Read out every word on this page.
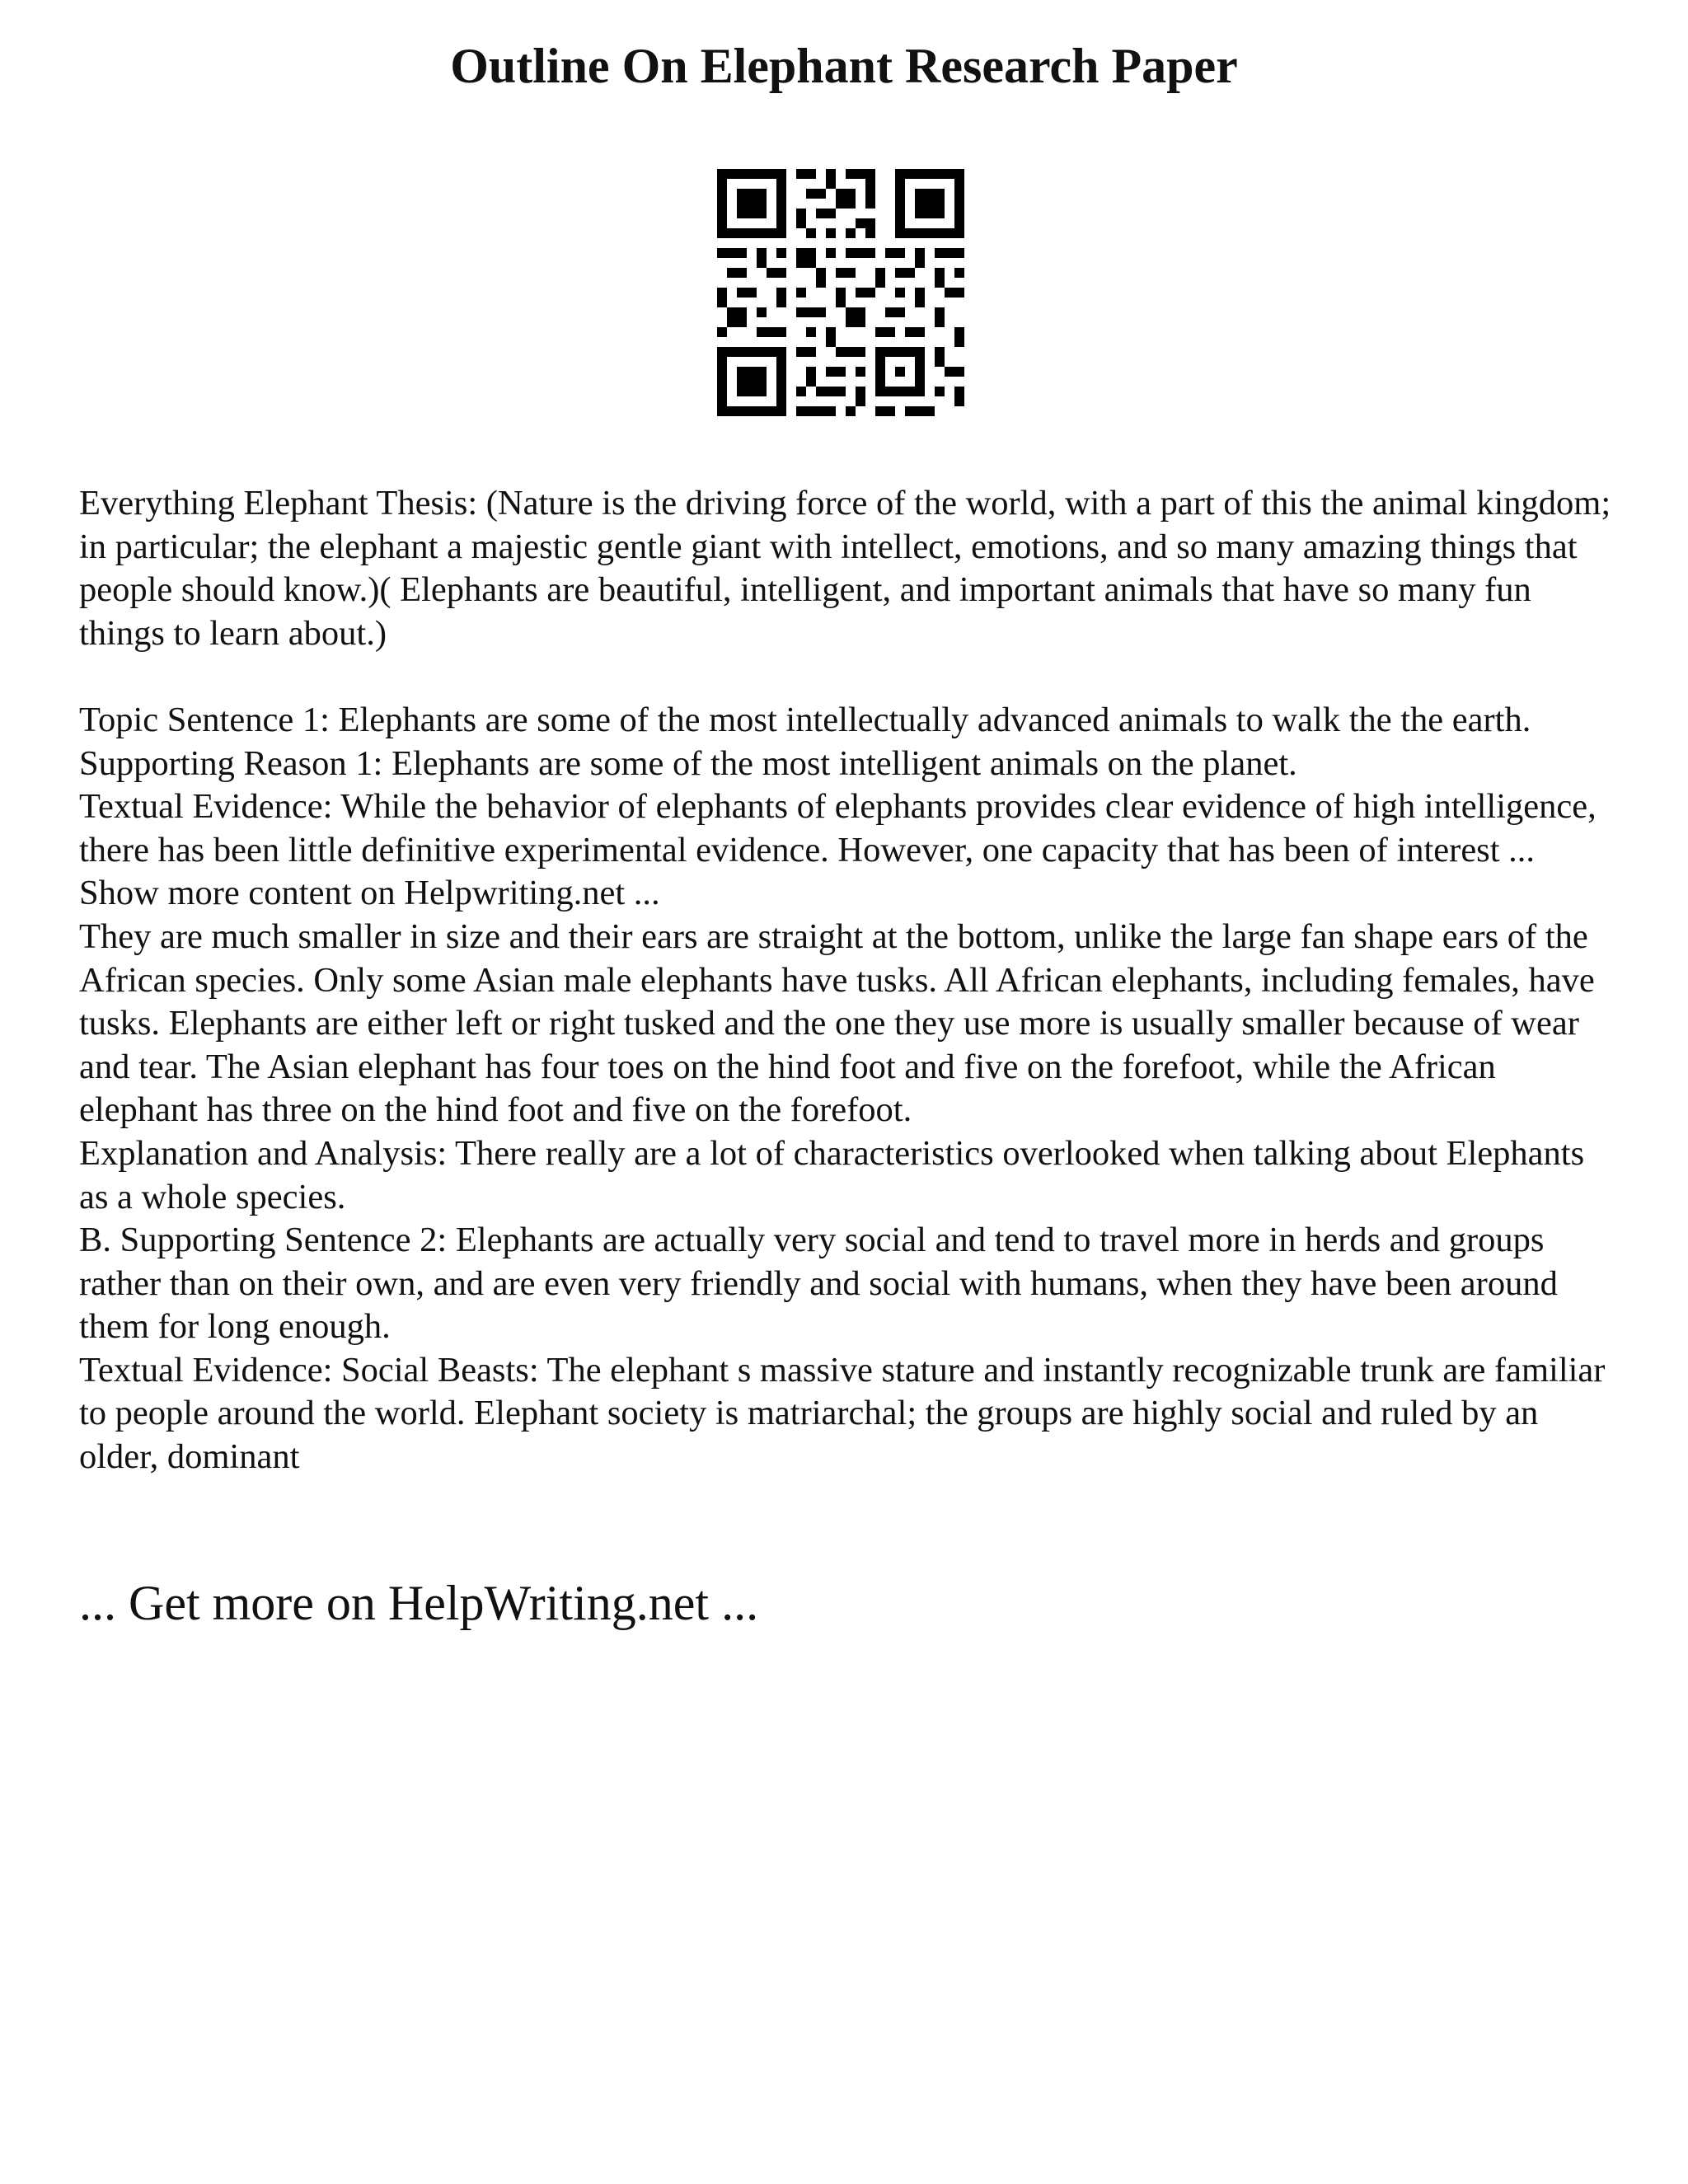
Outline On Elephant Research Paper

Everything Elephant Thesis: (Nature is the driving force of the world, with a part of this the animal kingdom; in particular; the elephant a majestic gentle giant with intellect, emotions, and so many amazing things that people should know.)( Elephants are beautiful, intelligent, and important animals that have so many fun things to learn about.)

Topic Sentence 1: Elephants are some of the most intellectually advanced animals to walk the the earth.

Supporting Reason 1: Elephants are some of the most intelligent animals on the planet.

Textual Evidence: While the behavior of elephants of elephants provides clear evidence of high intelligence, there has been little definitive experimental evidence. However, one capacity that has been of interest ... Show more content on Helpwriting.net ...

They are much smaller in size and their ears are straight at the bottom, unlike the large fan shape ears of the African species. Only some Asian male elephants have tusks. All African elephants, including females, have tusks. Elephants are either left or right tusked and the one they use more is usually smaller because of wear and tear. The Asian elephant has four toes on the hind foot and five on the forefoot, while the African elephant has three on the hind foot and five on the forefoot.

Explanation and Analysis: There really are a lot of characteristics overlooked when talking about Elephants as a whole species.

B. Supporting Sentence 2: Elephants are actually very social and tend to travel more in herds and groups rather than on their own, and are even very friendly and social with humans, when they have been around them for long enough.

Textual Evidence: Social Beasts: The elephant s massive stature and instantly recognizable trunk are familiar to people around the world. Elephant society is matriarchal; the groups are highly social and ruled by an older, dominant

... Get more on HelpWriting.net ...
